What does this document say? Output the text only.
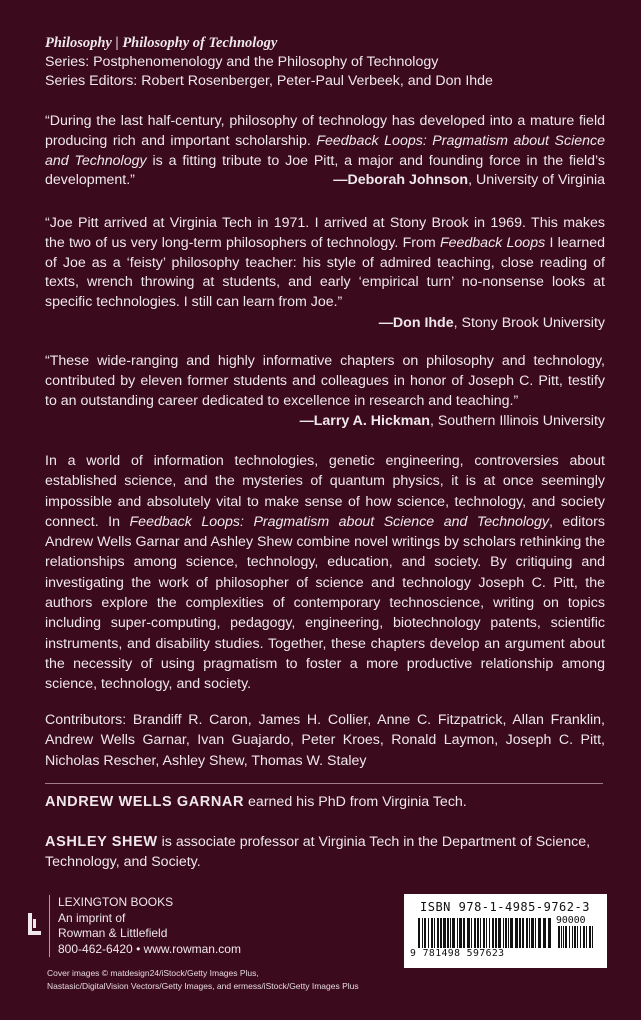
Philosophy | Philosophy of Technology
Series: Postphenomenology and the Philosophy of Technology
Series Editors: Robert Rosenberger, Peter-Paul Verbeek, and Don Ihde

“During the last half-century, philosophy of technology has developed into a mature field producing rich and important scholarship. Feedback Loops: Pragmatism about Science and Technology is a fitting tribute to Joe Pitt, a major and founding force in the field’s development.”	—Deborah Johnson, University of Virginia

“Joe Pitt arrived at Virginia Tech in 1971. I arrived at Stony Brook in 1969. This makes the two of us very long-term philosophers of technology. From Feedback Loops I learned of Joe as a ‘feisty’ philosophy teacher: his style of admired teaching, close reading of texts, wrench throwing at students, and early ‘empirical turn’ no-nonsense looks at specific technologies. I still can learn from Joe.”

—Don Ihde, Stony Brook University

“These wide-ranging and highly informative chapters on philosophy and technology, contributed by eleven former students and colleagues in honor of Joseph C. Pitt, testify to an outstanding career dedicated to excellence in research and teaching.”

—Larry A. Hickman, Southern Illinois University
In a world of information technologies, genetic engineering, controversies about established science, and the mysteries of quantum physics, it is at once seemingly impossible and absolutely vital to make sense of how science, technology, and society connect. In Feedback Loops: Pragmatism about Science and Technology, editors Andrew Wells Garnar and Ashley Shew combine novel writings by scholars rethinking the relationships among science, technology, education, and society. By critiquing and investigating the work of philosopher of science and technology Joseph C. Pitt, the authors explore the complexities of contemporary technoscience, writing on topics including super-computing, pedagogy, engineering, biotechnology patents, scientific instruments, and disability studies. Together, these chapters develop an argument about the necessity of using pragmatism to foster a more productive relationship among science, technology, and society.
Contributors: Brandiff R. Caron, James H. Collier, Anne C. Fitzpatrick, Allan Franklin, Andrew Wells Garnar, Ivan Guajardo, Peter Kroes, Ronald Laymon, Joseph C. Pitt, Nicholas Rescher, Ashley Shew, Thomas W. Staley
ANDREW WELLS GARNAR earned his PhD from Virginia Tech.
ASHLEY SHEW is associate professor at Virginia Tech in the Department of Science, Technology, and Society.
LEXINGTON BOOKS
An imprint of
Rowman & Littlefield
800-462-6420 • www.rowman.com
ISBN 978-1-4985-9762-3
9 781498 597623
90000
Cover images © matdesign24/iStock/Getty Images Plus,
Nastasic/DigitalVision Vectors/Getty Images, and ermess/iStock/Getty Images Plus
